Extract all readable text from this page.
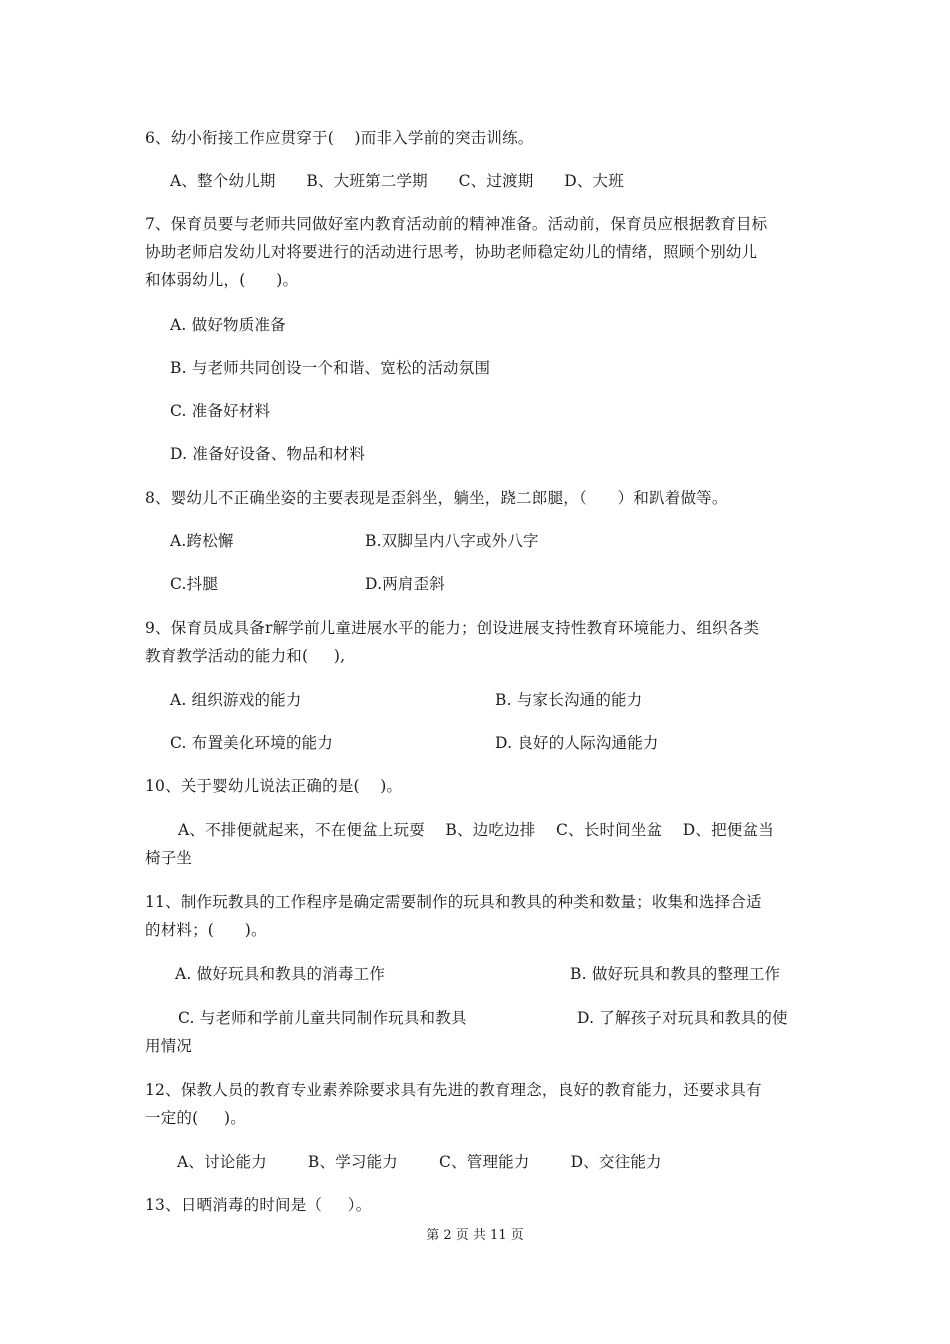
6、幼小衔接工作应贯穿于(    )而非入学前的突击训练。
A、整个幼儿期      B、大班第二学期      C、过渡期      D、大班
7、保育员要与老师共同做好室内教育活动前的精神准备。活动前，保育员应根据教育目标
协助老师启发幼儿对将要进行的活动进行思考，协助老师稳定幼儿的情绪，照顾个别幼儿
和体弱幼儿，(      )。
A. 做好物质准备
B. 与老师共同创设一个和谐、宽松的活动氛围
C. 准备好材料
D. 准备好设备、物品和材料
8、婴幼儿不正确坐姿的主要表现是歪斜坐，躺坐，跷二郎腿，（      ）和趴着做等。
A.跨松懈	B.双脚呈内八字或外八字
C.抖腿	D.两肩歪斜
9、保育员成具备r解学前儿童进展水平的能力；创设进展支持性教育环境能力、组织各类
教育教学活动的能力和(     ),
A. 组织游戏的能力	B. 与家长沟通的能力
C. 布置美化环境的能力	D. 良好的人际沟通能力
10、关于婴幼儿说法正确的是(    )。
A、不排便就起来，不在便盆上玩耍    B、边吃边排    C、长时间坐盆    D、把便盆当
椅子坐
11、制作玩教具的工作程序是确定需要制作的玩具和教具的种类和数量；收集和选择合适
的材料；(      )。
A. 做好玩具和教具的消毒工作	B. 做好玩具和教具的整理工作
C. 与老师和学前儿童共同制作玩具和教具	D. 了解孩子对玩具和教具的使
用情况
12、保教人员的教育专业素养除要求具有先进的教育理念，良好的教育能力，还要求具有
一定的(     )。
A、讨论能力        B、学习能力        C、管理能力        D、交往能力
13、日晒消毒的时间是（     ）。
第 2 页 共 11 页
